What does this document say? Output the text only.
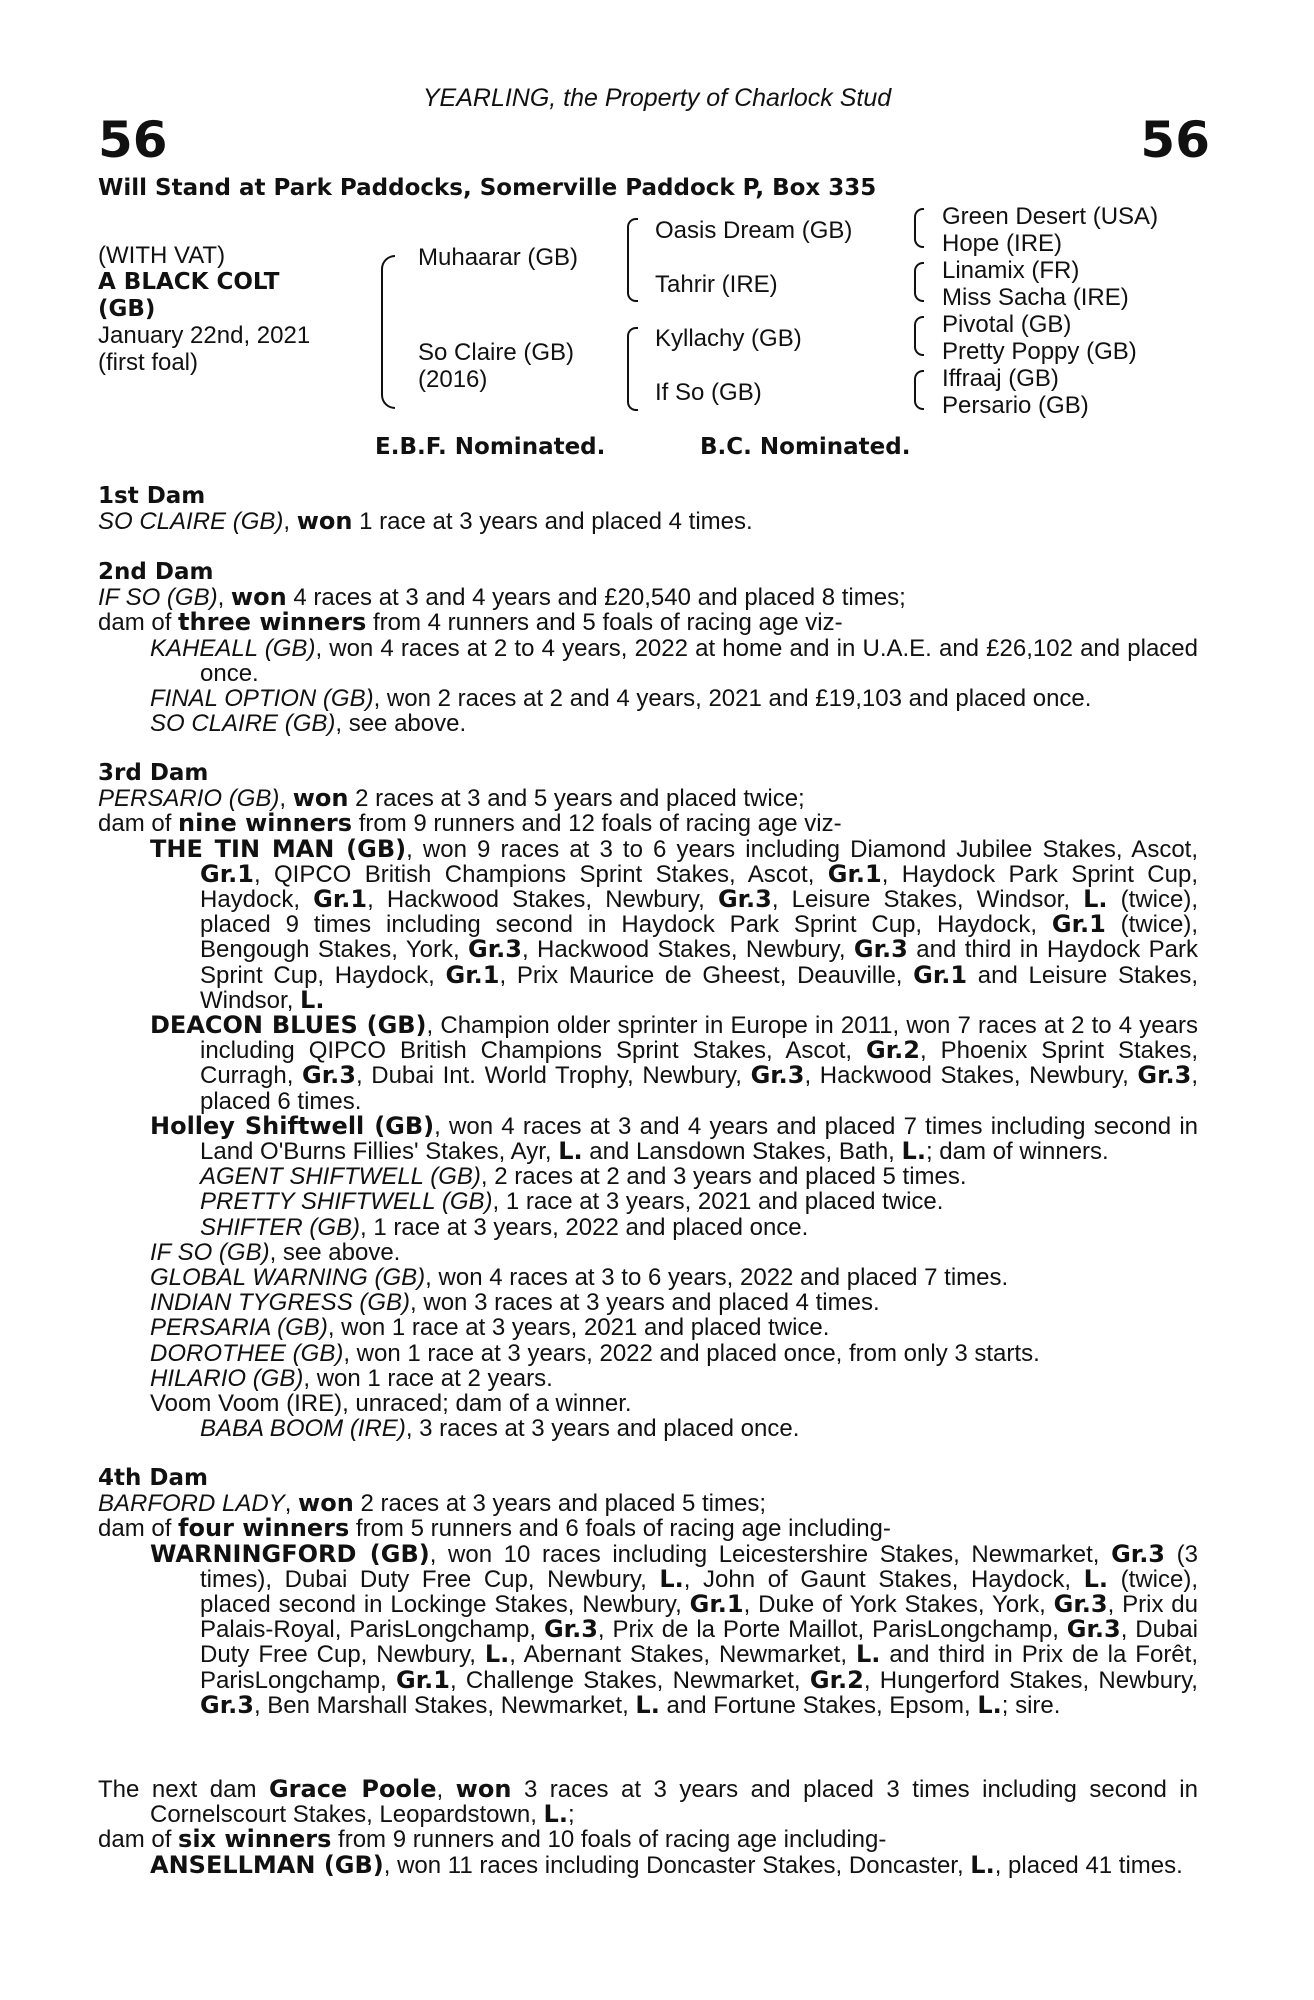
YEARLING, the Property of Charlock Stud
56	56
Will Stand at Park Paddocks, Somerville Paddock P, Box 335
(WITH VAT)
A BLACK COLT
(GB)
January 22nd, 2021
(first foal)
Muhaarar (GB)
So Claire (GB)
(2016)
Oasis Dream (GB)
Tahrir (IRE)
Kyllachy (GB)
If So (GB)
Green Desert (USA)
Hope (IRE)
Linamix (FR)
Miss Sacha (IRE)
Pivotal (GB)
Pretty Poppy (GB)
Iffraaj (GB)
Persario (GB)
E.B.F. Nominated.	B.C. Nominated.

1st Dam

SO CLAIRE (GB), won 1 race at 3 years and placed 4 times.

2nd Dam

IF SO (GB), won 4 races at 3 and 4 years and £20,540 and placed 8 times;

dam of three winners from 4 runners and 5 foals of racing age viz-

KAHEALL (GB), won 4 races at 2 to 4 years, 2022 at home and in U.A.E. and £26,102 and placed once.

FINAL OPTION (GB), won 2 races at 2 and 4 years, 2021 and £19,103 and placed once.

SO CLAIRE (GB), see above.

3rd Dam

PERSARIO (GB), won 2 races at 3 and 5 years and placed twice;

dam of nine winners from 9 runners and 12 foals of racing age viz-

THE TIN MAN (GB), won 9 races at 3 to 6 years including Diamond Jubilee Stakes, Ascot, Gr.1, QIPCO British Champions Sprint Stakes, Ascot, Gr.1, Haydock Park Sprint Cup, Haydock, Gr.1, Hackwood Stakes, Newbury, Gr.3, Leisure Stakes, Windsor, L. (twice), placed 9 times including second in Haydock Park Sprint Cup, Haydock, Gr.1 (twice), Bengough Stakes, York, Gr.3, Hackwood Stakes, Newbury, Gr.3 and third in Haydock Park Sprint Cup, Haydock, Gr.1, Prix Maurice de Gheest, Deauville, Gr.1 and Leisure Stakes, Windsor, L.

DEACON BLUES (GB), Champion older sprinter in Europe in 2011, won 7 races at 2 to 4 years including QIPCO British Champions Sprint Stakes, Ascot, Gr.2, Phoenix Sprint Stakes, Curragh, Gr.3, Dubai Int. World Trophy, Newbury, Gr.3, Hackwood Stakes, Newbury, Gr.3, placed 6 times.

Holley Shiftwell (GB), won 4 races at 3 and 4 years and placed 7 times including second in Land O'Burns Fillies' Stakes, Ayr, L. and Lansdown Stakes, Bath, L.; dam of winners.

AGENT SHIFTWELL (GB), 2 races at 2 and 3 years and placed 5 times.

PRETTY SHIFTWELL (GB), 1 race at 3 years, 2021 and placed twice.

SHIFTER (GB), 1 race at 3 years, 2022 and placed once.

IF SO (GB), see above.

GLOBAL WARNING (GB), won 4 races at 3 to 6 years, 2022 and placed 7 times.

INDIAN TYGRESS (GB), won 3 races at 3 years and placed 4 times.

PERSARIA (GB), won 1 race at 3 years, 2021 and placed twice.

DOROTHEE (GB), won 1 race at 3 years, 2022 and placed once, from only 3 starts.

HILARIO (GB), won 1 race at 2 years.

Voom Voom (IRE), unraced; dam of a winner.

BABA BOOM (IRE), 3 races at 3 years and placed once.

4th Dam

BARFORD LADY, won 2 races at 3 years and placed 5 times;

dam of four winners from 5 runners and 6 foals of racing age including-

WARNINGFORD (GB), won 10 races including Leicestershire Stakes, Newmarket, Gr.3 (3 times), Dubai Duty Free Cup, Newbury, L., John of Gaunt Stakes, Haydock, L. (twice), placed second in Lockinge Stakes, Newbury, Gr.1, Duke of York Stakes, York, Gr.3, Prix du Palais-Royal, ParisLongchamp, Gr.3, Prix de la Porte Maillot, ParisLongchamp, Gr.3, Dubai Duty Free Cup, Newbury, L., Abernant Stakes, Newmarket, L. and third in Prix de la Forêt, ParisLongchamp, Gr.1, Challenge Stakes, Newmarket, Gr.2, Hungerford Stakes, Newbury, Gr.3, Ben Marshall Stakes, Newmarket, L. and Fortune Stakes, Epsom, L.; sire.

The next dam Grace Poole, won 3 races at 3 years and placed 3 times including second in Cornelscourt Stakes, Leopardstown, L.;

dam of six winners from 9 runners and 10 foals of racing age including-

ANSELLMAN (GB), won 11 races including Doncaster Stakes, Doncaster, L., placed 41 times.
